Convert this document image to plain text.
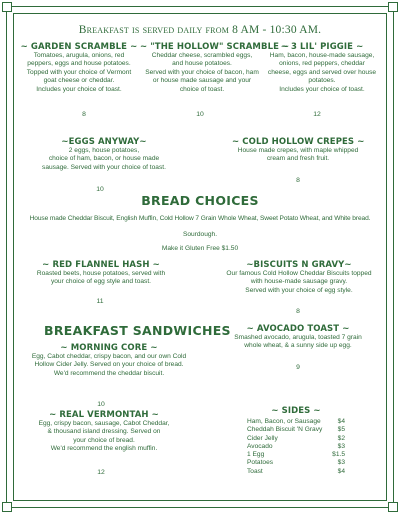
Breakfast is served daily from 8 AM - 10:30 AM.
~ GARDEN SCRAMBLE ~
Tomatoes, arugula, onions, red
peppers, eggs and house potatoes.
Topped with your choice of Vermont
goat cheese or cheddar.
Includes your choice of toast.
8
~ "THE HOLLOW" SCRAMBLE ~
Cheddar cheese, scrambled eggs,
and house potatoes.
Served with your choice of bacon, ham
or house made sausage and your
choice of toast.
10
~ 3 LIL' PIGGIE ~
Ham, bacon, house-made sausage,
onions, red peppers, cheddar
cheese, eggs and served over house
potatoes.
Includes your choice of toast.
12
~EGGS ANYWAY~
2 eggs, house potatoes,
choice of ham, bacon, or house made
sausage. Served with your choice of toast.
10
~ COLD HOLLOW CREPES ~
House made crepes, with maple whipped
cream and fresh fruit.
8
BREAD CHOICES
House made Cheddar Biscuit, English Muffin, Cold Hollow 7 Grain Whole Wheat, Sweet Potato Wheat, and White bread.
Sourdough.
Make it Gluten Free $1.50
~ RED FLANNEL HASH ~
Roasted beets, house potatoes, served with
your choice of egg style and toast.
11
~BISCUITS N GRAVY~
Our famous Cold Hollow Cheddar Biscuits topped
with house-made sausage gravy.
Served with your choice of egg style.
8
BREAKFAST SANDWICHES
~ MORNING CORE ~
Egg, Cabot cheddar, crispy bacon, and our own Cold
Hollow Cider Jelly. Served on your choice of bread.
We'd recommend the cheddar biscuit.
10
~ AVOCADO TOAST ~
Smashed avocado, arugula, toasted 7 grain
whole wheat, & a sunny side up egg.
9
~ REAL VERMONTAH ~
Egg, crispy bacon, sausage, Cabot Cheddar,
& thousand island dressing. Served on
your choice of bread.
We'd recommend the english muffin.
12
~ SIDES ~
Ham, Bacon, or Sausage	$4
Cheddah Biscuit 'N Gravy	$5
Cider Jelly	$2
Avocado	$3
1 Egg	$1.5
Potatoes	$3
Toast	$4
